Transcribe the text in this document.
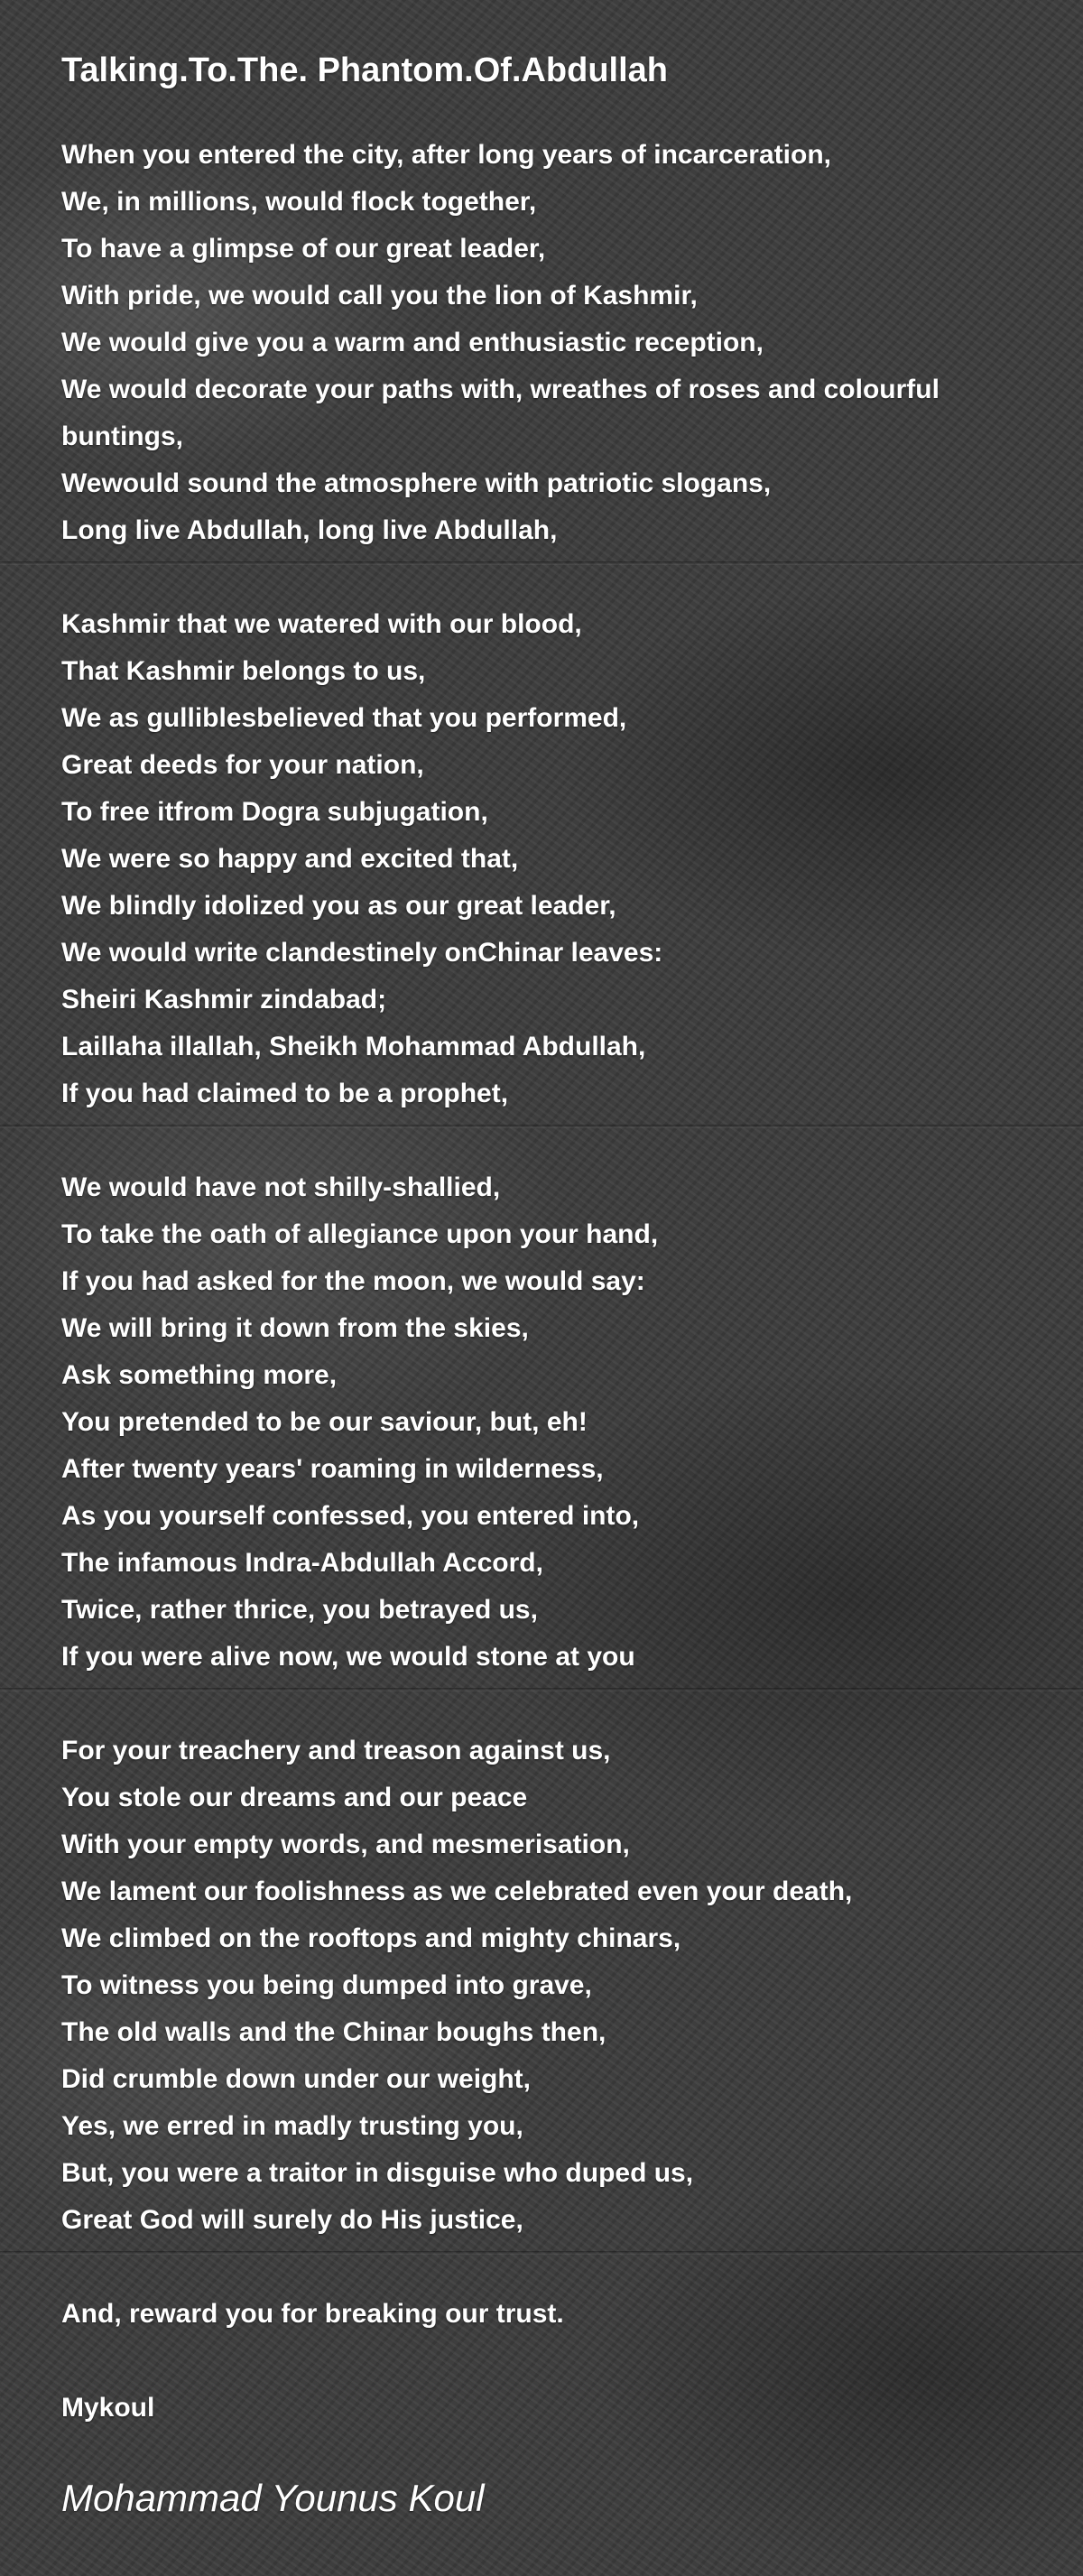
Talking.To.The. Phantom.Of.Abdullah
When you entered the city, after long years of incarceration,
We, in millions, would flock together,
To have a glimpse of our great leader,
With pride, we would call you the lion of Kashmir,
We would give you a warm and enthusiastic reception,
We would decorate your paths with, wreathes of roses and colourful buntings,
Wewould sound the atmosphere with patriotic slogans,
Long live Abdullah, long live Abdullah,
Kashmir that we watered with our blood,
That Kashmir belongs to us,
We as gulliblesbelieved that you performed,
Great deeds for your nation,
To free itfrom Dogra subjugation,
We were so happy and excited that,
We blindly idolized you as our great leader,
We would write clandestinely onChinar leaves:
Sheiri Kashmir zindabad;
Laillaha illallah, Sheikh Mohammad Abdullah,
If you had claimed to be a prophet,
We would have not shilly-shallied,
To take the oath of allegiance upon your hand,
If you had asked for the moon, we would say:
We will bring it down from the skies,
Ask something more,
You pretended to be our saviour, but, eh!
After twenty years' roaming in wilderness,
As you yourself confessed, you entered into,
The infamous Indra-Abdullah Accord,
Twice, rather thrice, you betrayed us,
If you were alive now, we would stone at you
For your treachery and treason against us,
You stole our dreams and our peace
With your empty words, and mesmerisation,
We lament our foolishness as we celebrated even your death,
We climbed on the rooftops and mighty chinars,
To witness you being dumped into grave,
The old walls and the Chinar boughs then,
Did crumble down under our weight,
Yes, we erred in madly trusting you,
But, you were a traitor in disguise who duped us,
Great God will surely do His justice,
And, reward you for breaking our trust.
Mykoul
Mohammad Younus Koul
